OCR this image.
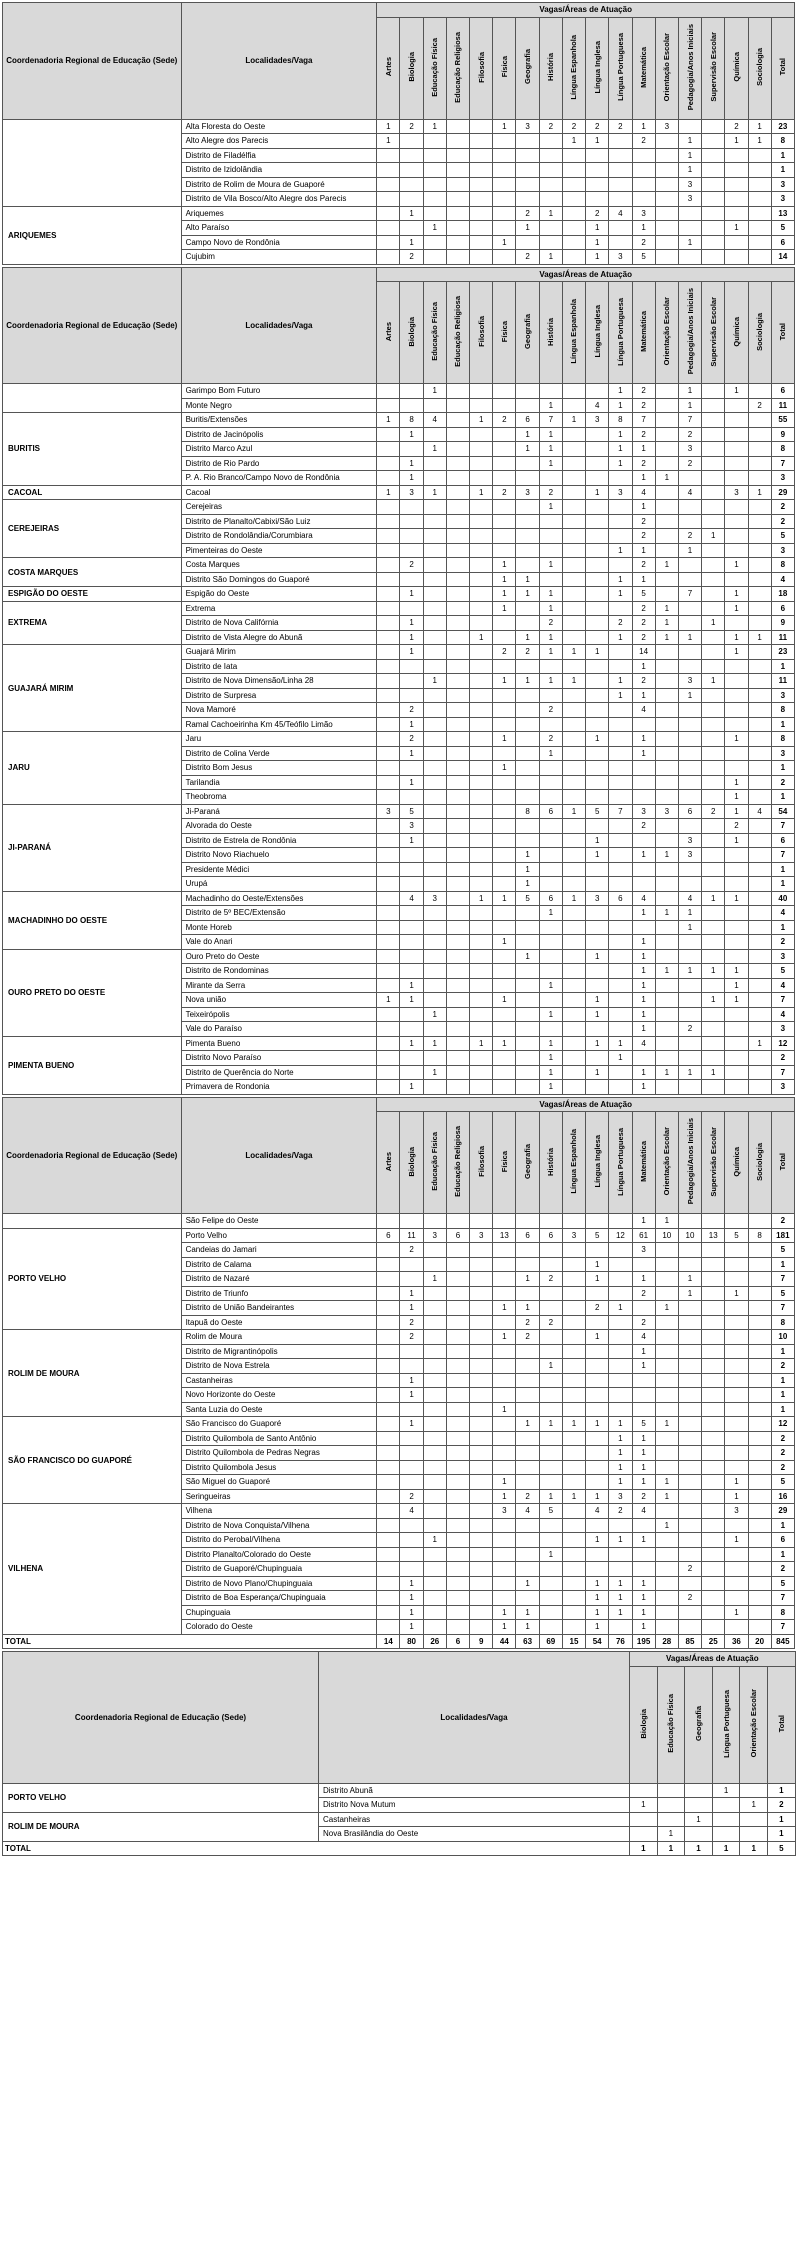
Coordenadoria Regional de Educação (Sede)	Localidades/Vaga	Vagas/Áreas de Atuação																	
		Artes	Biologia	Educação Física	Educação Religiosa	Filosofia	Física	Geografia	História	Língua Espanhola	Língua Inglesa	Língua Portuguesa	Matemática	Orientação Escolar	Pedagogia/Anos Iniciais	Supervisão Escolar	Química	Sociologia	Total
	Alta Floresta do Oeste	1	2	1			1	3	2	2	2	2	1	3			2	1	23
	Alto Alegre dos Parecis	1								1	1		2		1		1	1	8
	Distrito de Filadélfia														1				1
	Distrito de Izidolândia														1				1
	Distrito de Rolim de Moura de Guaporé														3				3
	Distrito de Vila Bosco/Alto Alegre dos Parecis														3				3
ARIQUEMES	Ariquemes		1					2	1		2	4	3						13
	Alto Paraíso			1				1			1		1				1		5
	Campo Novo de Rondônia		1				1				1		2		1				6
	Cujubim		2					2	1		1	3	5						14
Coordenadoria Regional de Educação (Sede)	Localidades/Vaga	Vagas/Áreas de Atuação																	
		Artes	Biologia	Educação Física	Educação Religiosa	Filosofia	Física	Geografia	História	Língua Espanhola	Língua Inglesa	Língua Portuguesa	Matemática	Orientação Escolar	Pedagogia/Anos Iniciais	Supervisão Escolar	Química	Sociologia	Total
	Garimpo Bom Futuro			1								1	2		1		1		6
	Monte Negro								1		4	1	2		1			2	11
BURITIS	Buritis/Extensões	1	8	4		1	2	6	7	1	3	8	7		7				55
	Distrito de Jacinópolis		1					1	1			1	2		2				9
	Distrito Marco Azul			1				1	1			1	1		3				8
	Distrito de Rio Pardo		1						1			1	2		2				7
	P. A. Rio Branco/Campo Novo de Rondônia		1										1	1					3
CACOAL	Cacoal	1	3	1		1	2	3	2		1	3	4		4		3	1	29
CEREJEIRAS	Cerejeiras								1				1						2
	Distrito de Planalto/Cabixi/São Luiz												2						2
	Distrito de Rondolândia/Corumbiara												2		2	1			5
	Pimenteiras do Oeste											1	1		1				3
COSTA MARQUES	Costa Marques		2				1		1				2	1			1		8
	Distrito São Domingos do Guaporé						1	1				1	1						4
ESPIGÃO DO OESTE	Espigão do Oeste		1				1	1	1			1	5		7		1		18
EXTREMA	Extrema						1		1				2	1			1		6
	Distrito de Nova Califórnia		1						2			2	2	1		1			9
	Distrito de Vista Alegre do Abunã		1			1		1	1			1	2	1	1		1	1	11
GUAJARÁ MIRIM	Guajará Mirim		1				2	2	1	1	1		14				1		23
	Distrito de Iata												1						1
	Distrito de Nova Dimensão/Linha 28			1			1	1	1	1		1	2		3	1			11
	Distrito de Surpresa											1	1		1				3
	Nova Mamoré		2						2				4						8
	Ramal Cachoeirinha Km 45/Teófilo Limão		1																1
JARU	Jaru		2				1		2		1		1				1		8
	Distrito de Colina Verde		1						1				1						3
	Distrito Bom Jesus						1												1
	Tarilandia		1														1		2
	Theobroma																1		1
JI-PARANÁ	Ji-Paraná	3	5					8	6	1	5	7	3	3	6	2	1	4	54
	Alvorada do Oeste		3										2				2		7
	Distrito de Estrela de Rondônia		1								1				3		1		6
	Distrito Novo Riachuelo							1			1		1	1	3				7
	Presidente Médici							1											1
	Urupá							1											1
MACHADINHO DO OESTE	Machadinho do Oeste/Extensões		4	3		1	1	5	6	1	3	6	4		4	1	1		40
	Distrito de 5º BEC/Extensão								1				1	1	1				4
	Monte Horeb														1				1
	Vale do Anari						1						1						2
OURO PRETO DO OESTE	Ouro Preto do Oeste							1			1		1						3
	Distrito de Rondominas												1	1	1	1	1		5
	Mirante da Serra		1						1				1				1		4
	Nova união	1	1				1				1		1			1	1		7
	Teixeirópolis			1					1		1		1						4
	Vale do Paraíso												1		2				3
PIMENTA BUENO	Pimenta Bueno		1	1		1	1		1		1	1	4					1	12
	Distrito Novo Paraíso								1			1							2
	Distrito de Querência do Norte			1					1		1		1	1	1	1			7
	Primavera de Rondonia		1						1				1						3
Coordenadoria Regional de Educação (Sede)	Localidades/Vaga	Vagas/Áreas de Atuação																	
		Artes	Biologia	Educação Física	Educação Religiosa	Filosofia	Física	Geografia	História	Língua Espanhola	Língua Inglesa	Língua Portuguesa	Matemática	Orientação Escolar	Pedagogia/Anos Iniciais	Supervisão Escolar	Química	Sociologia	Total
	São Felipe do Oeste												1	1					2
PORTO VELHO	Porto Velho	6	11	3	6	3	13	6	6	3	5	12	61	10	10	13	5	8	181
	Candeias do Jamari		2										3						5
	Distrito de Calama										1								1
	Distrito de Nazaré			1				1	2		1		1		1				7
	Distrito de Triunfo		1										2		1		1		5
	Distrito de União Bandeirantes		1				1	1			2	1		1					7
	Itapuã do Oeste		2					2	2				2						8
ROLIM DE MOURA	Rolim de Moura		2				1	2			1		4						10
	Distrito de Migrantinópolis												1						1
	Distrito de Nova Estrela								1				1						2
	Castanheiras		1																1
	Novo Horizonte do Oeste		1																1
	Santa Luzia do Oeste						1												1
SÃO FRANCISCO DO GUAPORÉ	São Francisco do Guaporé		1					1	1	1	1	1	5	1					12
	Distrito Quilombola de Santo Antônio											1	1						2
	Distrito Quilombola de Pedras Negras											1	1						2
	Distrito Quilombola Jesus											1	1						2
	São Miguel do Guaporé						1					1	1	1			1		5
	Seringueiras		2				1	2	1	1	1	3	2	1			1		16
VILHENA	Vilhena		4				3	4	5		4	2	4				3		29
	Distrito de Nova Conquista/Vilhena													1					1
	Distrito do Perobal/Vilhena			1							1	1	1				1		6
	Distrito Planalto/Colorado do Oeste								1										1
	Distrito de Guaporé/Chupinguaia														2				2
	Distrito de Novo Plano/Chupinguaia		1					1			1	1	1						5
	Distrito de Boa Esperança/Chupinguaia		1								1	1	1		2				7
	Chupinguaia		1				1	1			1	1	1				1		8
	Colorado do Oeste		1				1	1			1		1						7
TOTAL		14	80	26	6	9	44	63	69	15	54	76	195	28	85	25	36	20	845
Coordenadoria Regional de Educação (Sede)	Localidades/Vaga	Vagas/Áreas de Atuação					
		Biologia	Educação Física	Geografia	Língua Portuguesa	Orientação Escolar	Total
PORTO VELHO	Distrito Abunã				1		1
	Distrito Nova Mutum	1				1	2
ROLIM DE MOURA	Castanheiras			1			1
	Nova Brasilândia do Oeste		1				1
TOTAL		1	1	1	1	1	5
